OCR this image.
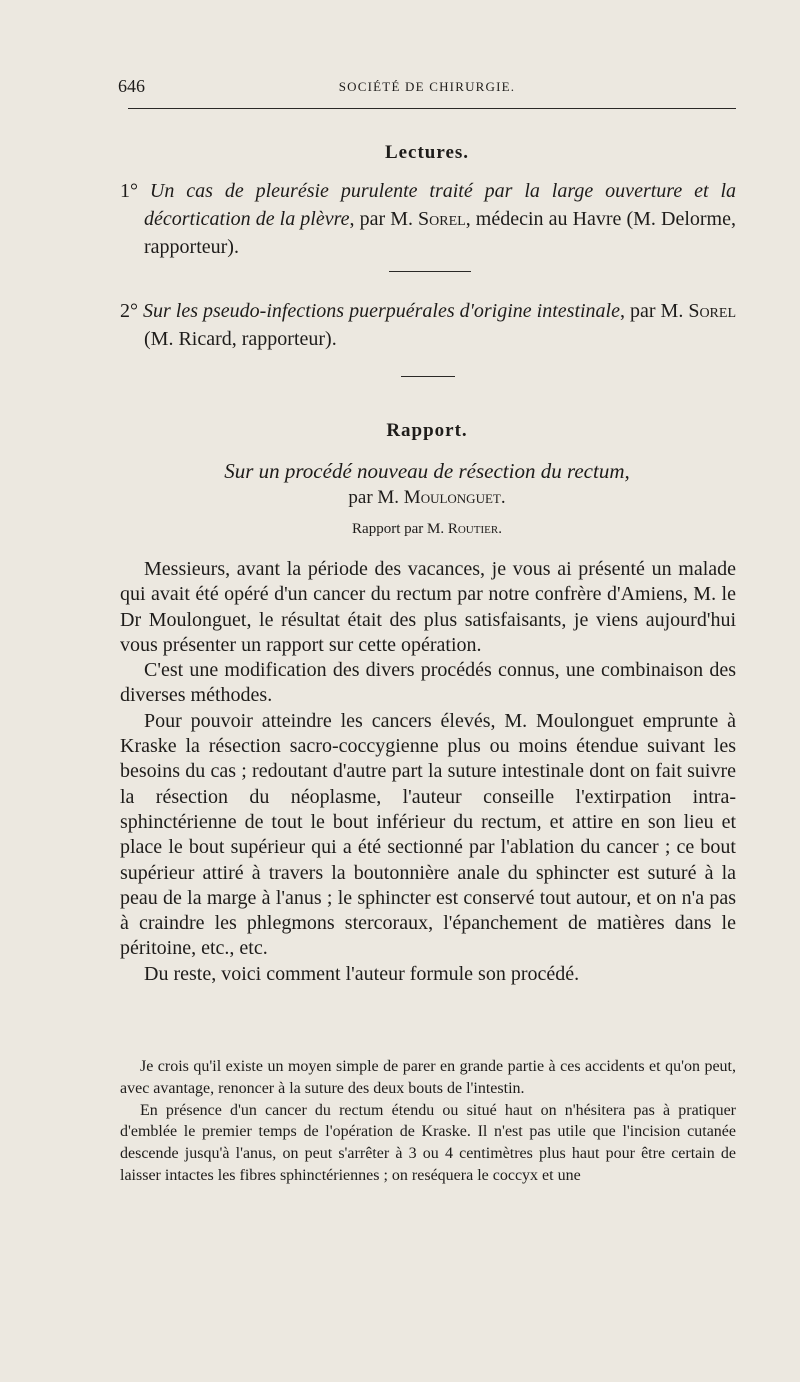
646	SOCIÉTÉ DE CHIRURGIE.
Lectures.

1° Un cas de pleurésie purulente traité par la large ouverture et la décortication de la plèvre, par M. Sorel, médecin au Havre (M. Delorme, rapporteur).

2° Sur les pseudo-infections puerpuérales d'origine intestinale, par M. Sorel (M. Ricard, rapporteur).

Rapport.
Sur un procédé nouveau de résection du rectum,
par M. Moulonguet.
Rapport par M. Routier.

Messieurs, avant la période des vacances, je vous ai présenté un malade qui avait été opéré d'un cancer du rectum par notre confrère d'Amiens, M. le Dr Moulonguet, le résultat était des plus satisfaisants, je viens aujourd'hui vous présenter un rapport sur cette opération.

C'est une modification des divers procédés connus, une combinaison des diverses méthodes.

Pour pouvoir atteindre les cancers élevés, M. Moulonguet emprunte à Kraske la résection sacro-coccygienne plus ou moins étendue suivant les besoins du cas ; redoutant d'autre part la suture intestinale dont on fait suivre la résection du néoplasme, l'auteur conseille l'extirpation intra-sphinctérienne de tout le bout inférieur du rectum, et attire en son lieu et place le bout supérieur qui a été sectionné par l'ablation du cancer ; ce bout supérieur attiré à travers la boutonnière anale du sphincter est suturé à la peau de la marge à l'anus ; le sphincter est conservé tout autour, et on n'a pas à craindre les phlegmons stercoraux, l'épanchement de matières dans le péritoine, etc., etc.

Du reste, voici comment l'auteur formule son procédé.

Je crois qu'il existe un moyen simple de parer en grande partie à ces accidents et qu'on peut, avec avantage, renoncer à la suture des deux bouts de l'intestin.

En présence d'un cancer du rectum étendu ou situé haut on n'hésitera pas à pratiquer d'emblée le premier temps de l'opération de Kraske. Il n'est pas utile que l'incision cutanée descende jusqu'à l'anus, on peut s'arrêter à 3 ou 4 centimètres plus haut pour être certain de laisser intactes les fibres sphinctériennes ; on reséquera le coccyx et une
